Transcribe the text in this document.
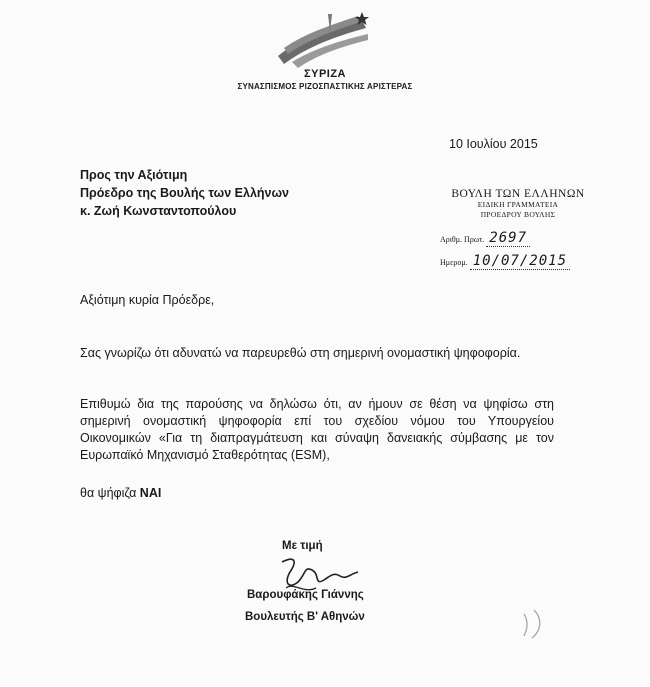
ΣΥΡΙΖΑ
ΣΥΝΑΣΠΙΣΜΟΣ ΡΙΖΟΣΠΑΣΤΙΚΗΣ ΑΡΙΣΤΕΡΑΣ
10 Ιουλίου 2015
Προς την Αξιότιμη
Πρόεδρο της Βουλής των Ελλήνων
κ. Ζωή Κωνσταντοπούλου
ΒΟΥΛΗ ΤΩΝ ΕΛΛΗΝΩΝ
ΕΙΔΙΚΗ ΓΡΑΜΜΑΤΕΙΑ
ΠΡΟΕΔΡΟΥ ΒΟΥΛΗΣ
Αριθμ. Πρωτ. 2697
Ημερομ. 10/07/2015
Αξιότιμη κυρία Πρόεδρε,
Σας γνωρίζω ότι αδυνατώ να παρευρεθώ στη σημερινή ονομαστική ψηφοφορία.
Επιθυμώ δια της παρούσης να δηλώσω ότι, αν ήμουν σε θέση να ψηφίσω στη σημερινή ονομαστική ψηφοφορία επί του σχεδίου νόμου του Υπουργείου Οικονομικών «Για τη διαπραγμάτευση και σύναψη δανειακής σύμβασης με τον Ευρωπαϊκό Μηχανισμό Σταθερότητας (ESM),
θα ψήφιζα ΝΑΙ
Με τιμή
Βαρουφάκης Γιάννης
Βουλευτής Β' Αθηνών
